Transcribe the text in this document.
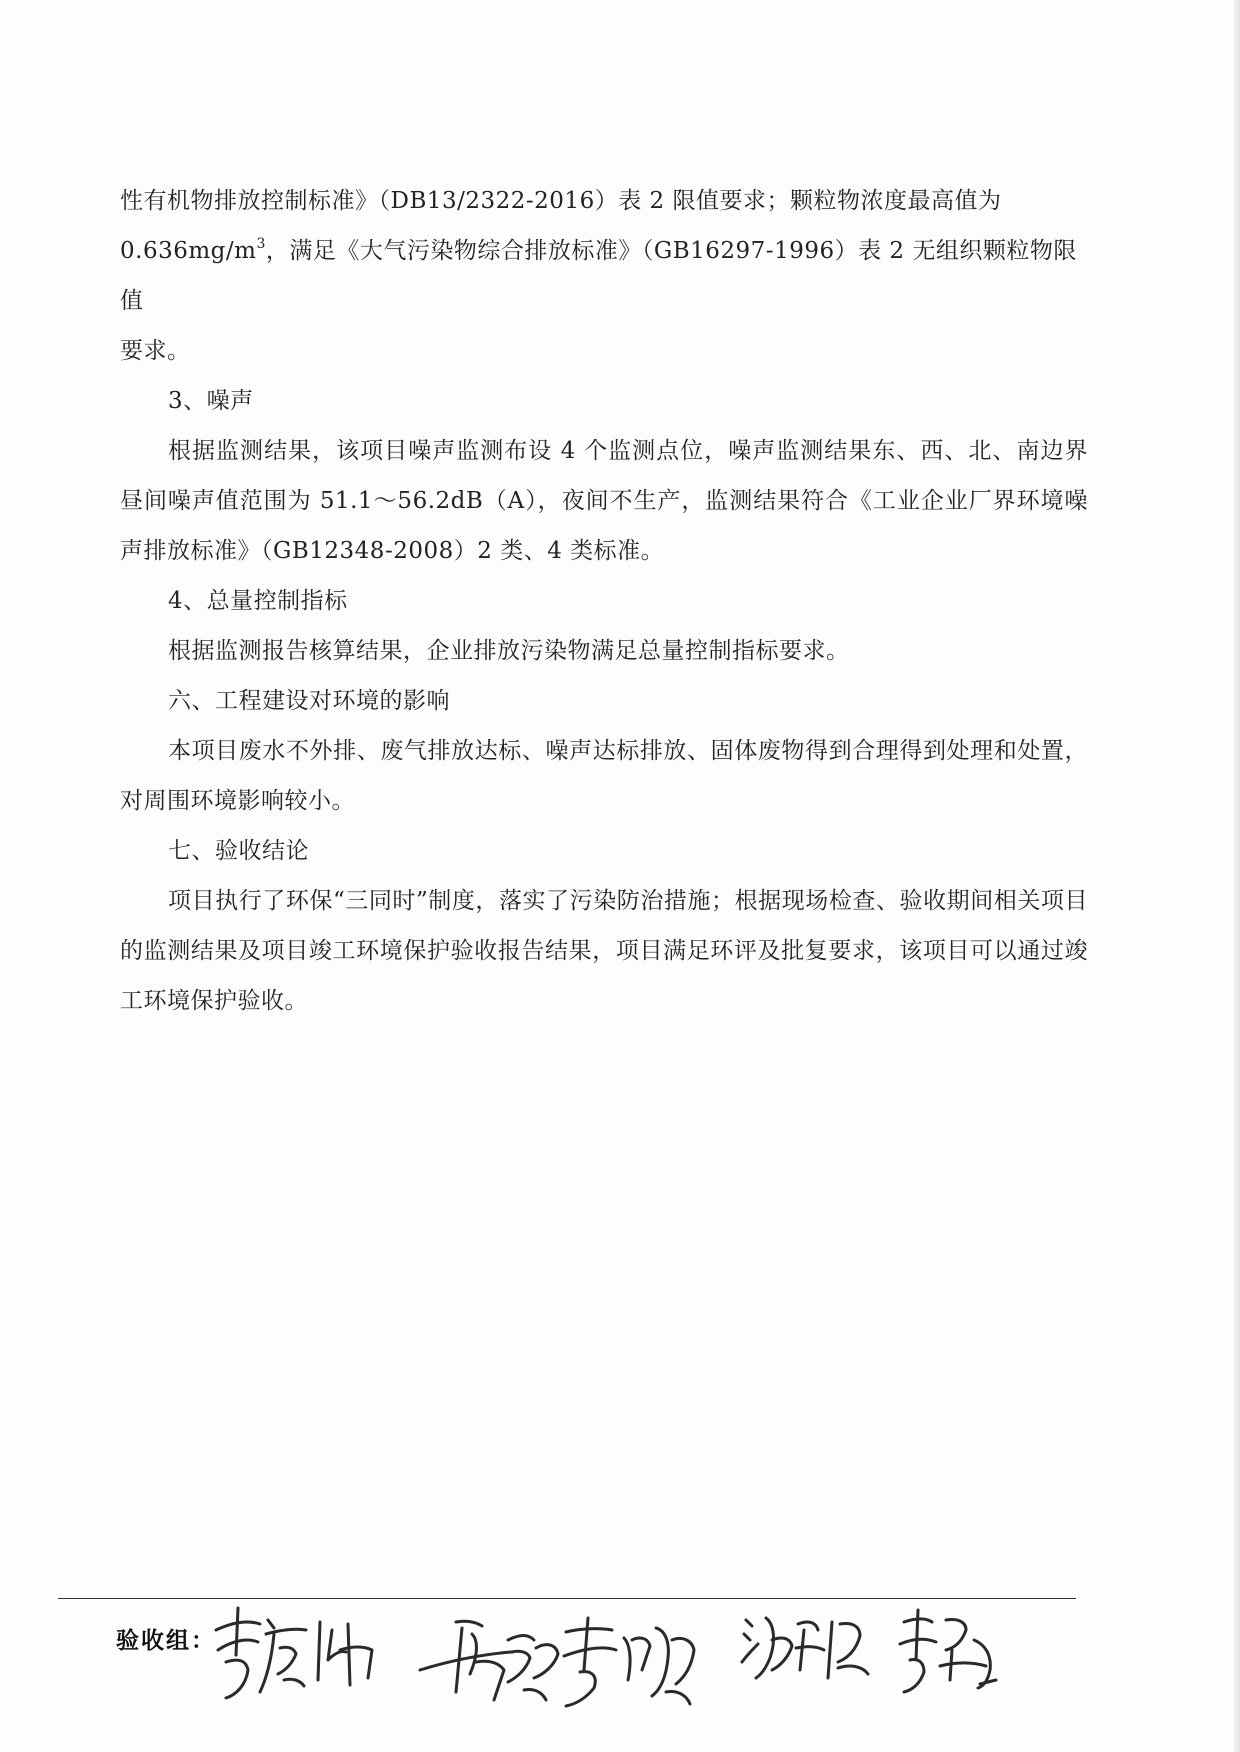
性有机物排放控制标准》（DB13/2322-2016）表 2 限值要求；颗粒物浓度最高值为
$0.636mg/m^3$，满足《大气污染物综合排放标准》（GB16297-1996）表 2 无组织颗粒物限值
要求。

3、噪声

根据监测结果，该项目噪声监测布设 4 个监测点位，噪声监测结果东、西、北、南边界昼间噪声值范围为 51.1～56.2dB（A），夜间不生产，监测结果符合《工业企业厂界环境噪声排放标准》（GB12348-2008）2 类、4 类标准。

4、总量控制指标

根据监测报告核算结果，企业排放污染物满足总量控制指标要求。

六、工程建设对环境的影响

本项目废水不外排、废气排放达标、噪声达标排放、固体废物得到合理得到处理和处置，对周围环境影响较小。

七、验收结论

项目执行了环保“三同时”制度，落实了污染防治措施；根据现场检查、验收期间相关项目的监测结果及项目竣工环境保护验收报告结果，项目满足环评及批复要求，该项目可以通过竣工环境保护验收。

验收组：
